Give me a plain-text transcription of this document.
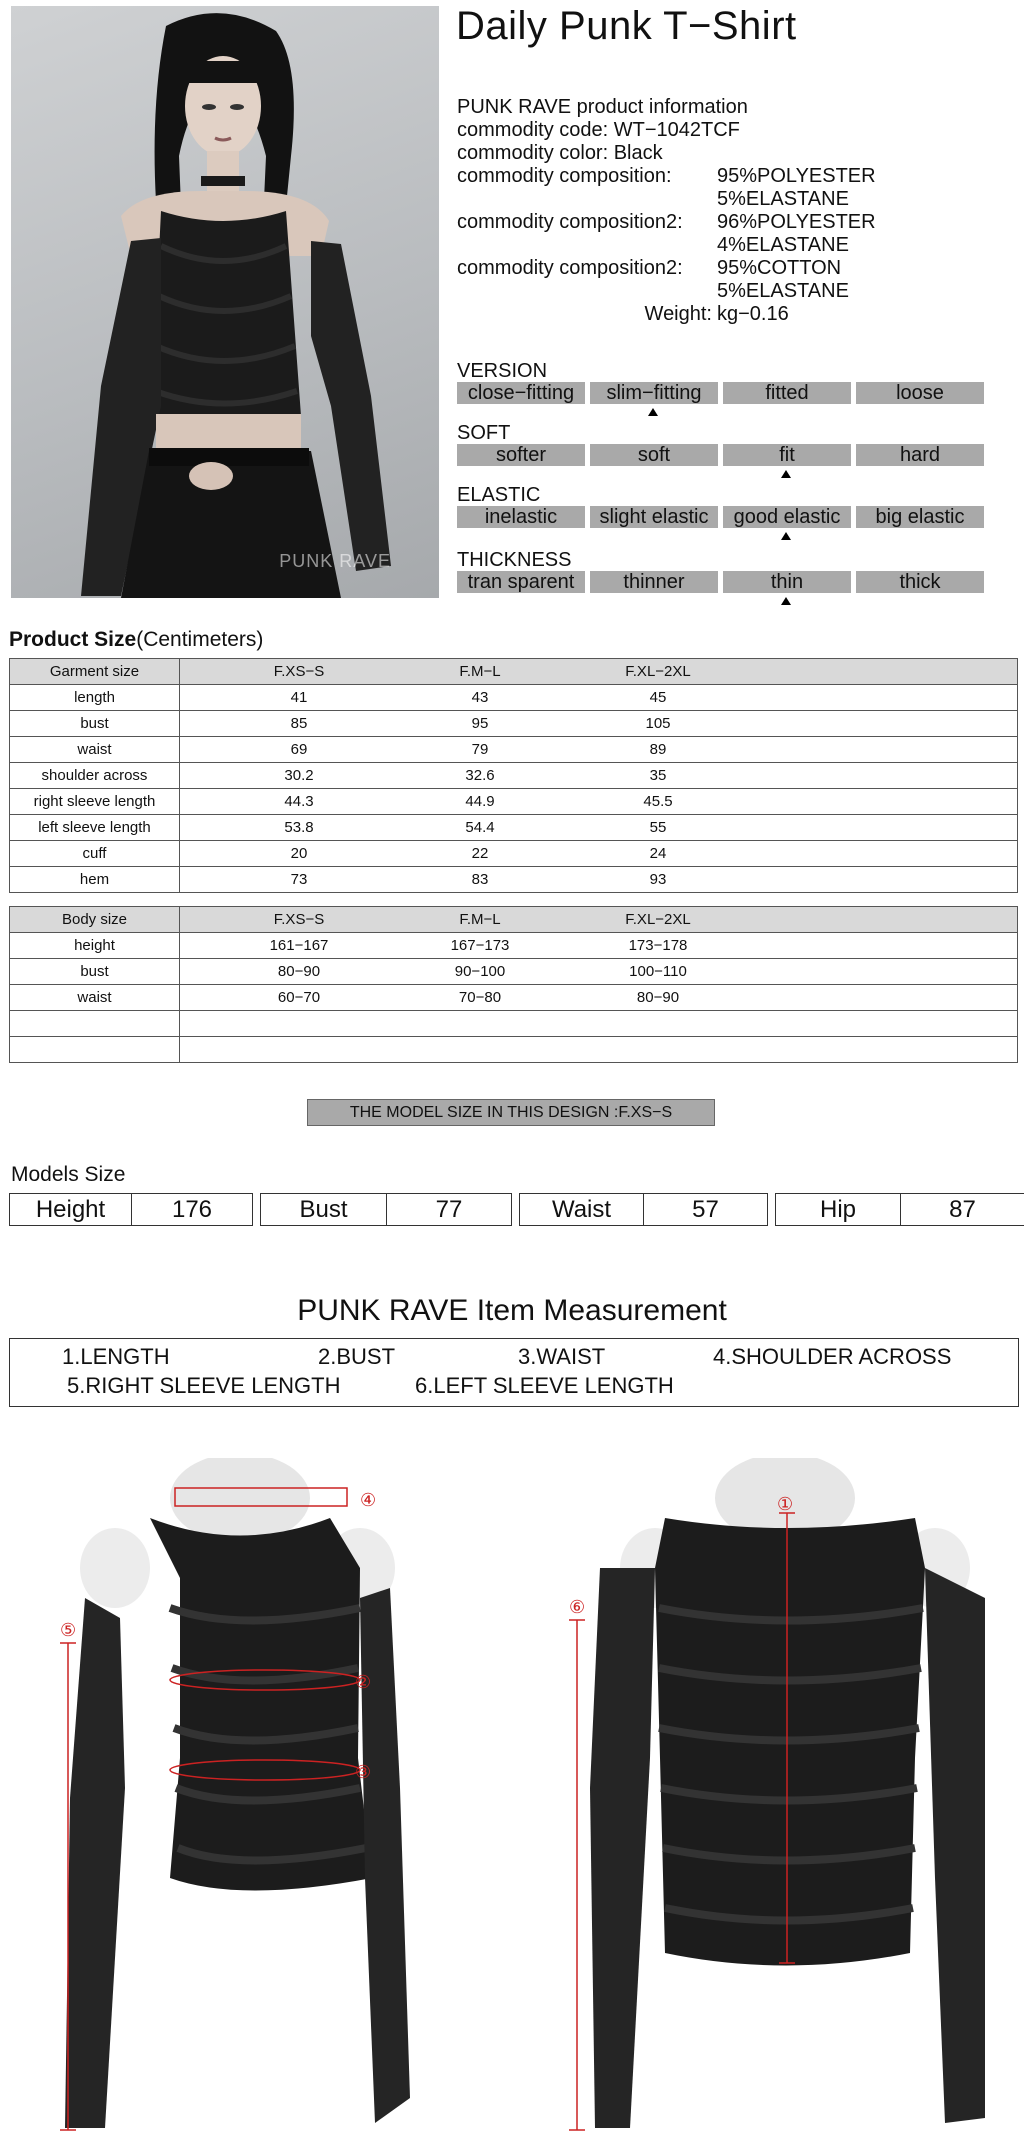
PUNK RAVE
Daily Punk T−Shirt
PUNK RAVE product information
commodity code:
WT−1042TCF
commodity color:
Black
commodity composition:	95%POLYESTER
5%ELASTANE
commodity composition2:	96%POLYESTER
4%ELASTANE
commodity composition2:	95%COTTON
5%ELASTANE
Weight: kg−0.16
VERSION
close−fitting	slim−fitting	fitted	loose
SOFT
softer	soft	fit	hard
ELASTIC
inelastic	slight elastic	good elastic	big elastic
THICKNESS
tran sparent	thinner	thin	thick
Product Size(Centimeters)
Garment size	F.XS−S F.M−L F.XL−2XL

length	41 43 45

bust	85 95 105

waist	69 79 89

shoulder across	30.2 32.6 35

right sleeve length	44.3 44.9 45.5

left sleeve length	53.8 54.4 55

cuff	20 22 24

hem	73 83 93
Body size	F.XS−S F.M−L F.XL−2XL

height	161−167 167−173 173−178

bust	80−90 90−100 100−110

waist	60−70 70−80 80−90

THE MODEL SIZE IN THIS DESIGN :F.XS−S
Models Size
Height	176	Bust	77	Waist	57	Hip	87
PUNK RAVE Item Measurement
1.LENGTH	2.BUST	3.WAIST	4.SHOULDER ACROSS
5.RIGHT SLEEVE LENGTH	6.LEFT SLEEVE LENGTH
④
②
③
⑤
①
⑥
